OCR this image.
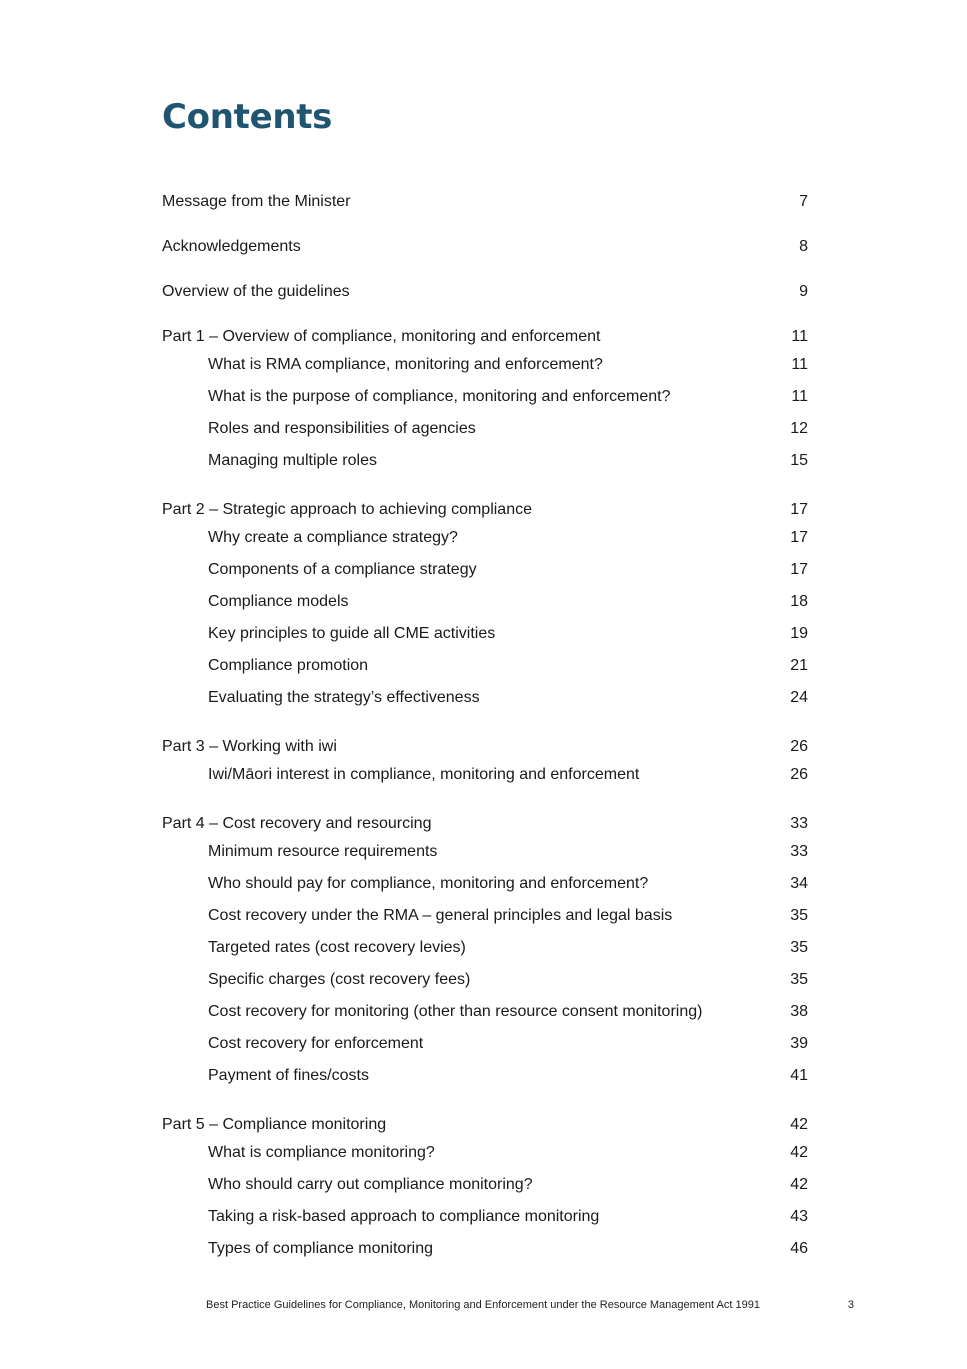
Contents
Message from the Minister	7
Acknowledgements	8
Overview of the guidelines	9
Part 1 – Overview of compliance, monitoring and enforcement	11
What is RMA compliance, monitoring and enforcement?	11
What is the purpose of compliance, monitoring and enforcement?	11
Roles and responsibilities of agencies	12
Managing multiple roles	15
Part 2 – Strategic approach to achieving compliance	17
Why create a compliance strategy?	17
Components of a compliance strategy	17
Compliance models	18
Key principles to guide all CME activities	19
Compliance promotion	21
Evaluating the strategy’s effectiveness	24
Part 3 – Working with iwi	26
Iwi/Māori interest in compliance, monitoring and enforcement	26
Part 4 – Cost recovery and resourcing	33
Minimum resource requirements	33
Who should pay for compliance, monitoring and enforcement?	34
Cost recovery under the RMA – general principles and legal basis	35
Targeted rates (cost recovery levies)	35
Specific charges (cost recovery fees)	35
Cost recovery for monitoring (other than resource consent monitoring)	38
Cost recovery for enforcement	39
Payment of fines/costs	41
Part 5 – Compliance monitoring	42
What is compliance monitoring?	42
Who should carry out compliance monitoring?	42
Taking a risk-based approach to compliance monitoring	43
Types of compliance monitoring	46
Best Practice Guidelines for Compliance, Monitoring and Enforcement under the Resource Management Act 1991	3
